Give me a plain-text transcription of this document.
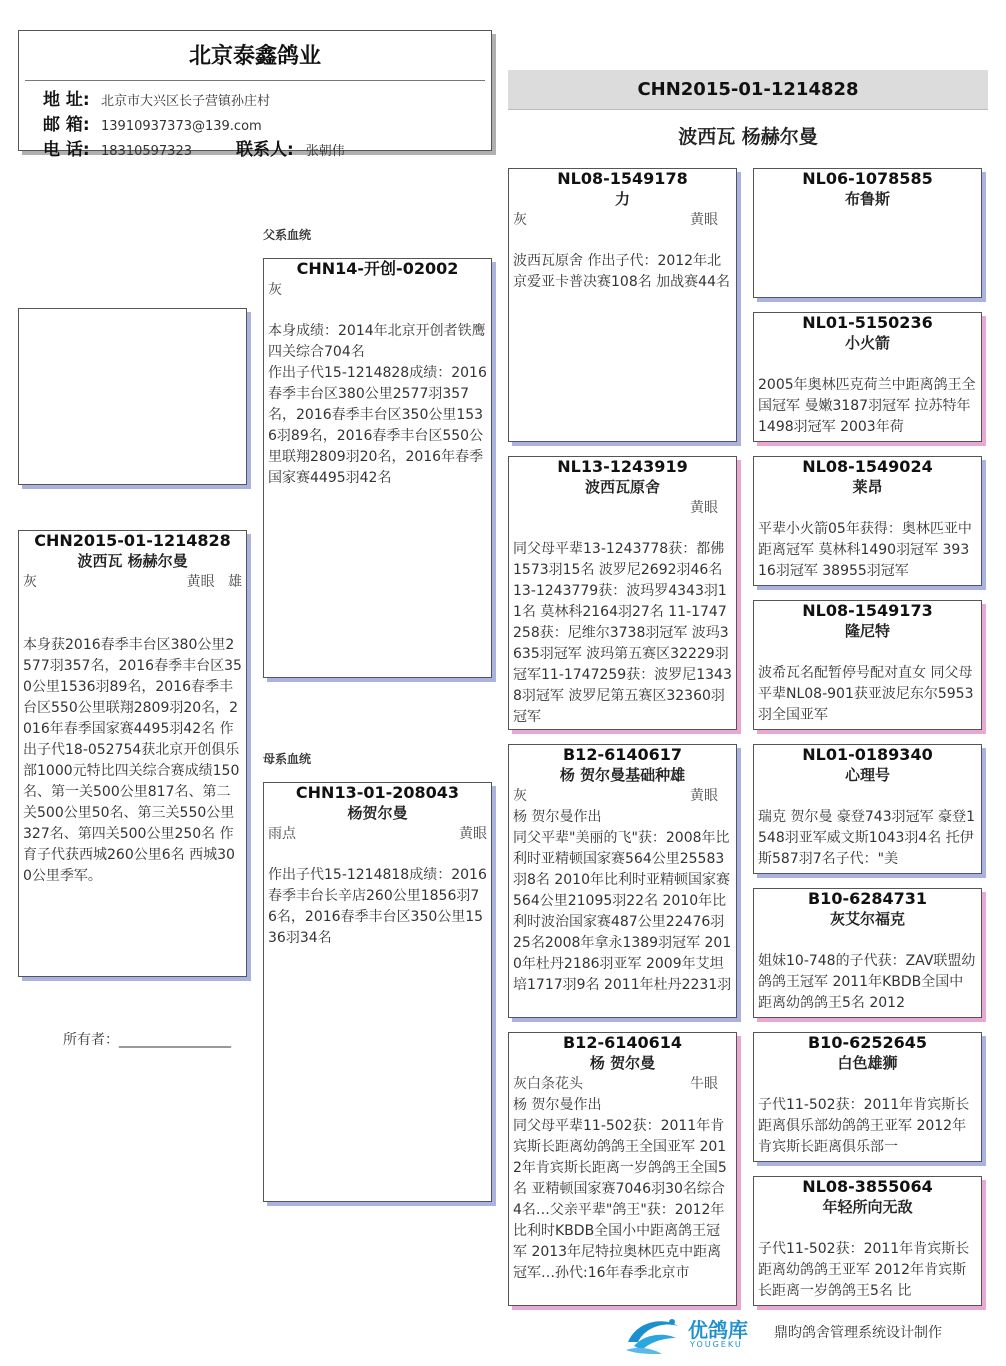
北京泰鑫鸽业
地 址: 北京市大兴区长子营镇孙庄村
邮 箱: 13910937373@139.com
电 话: 18310597323	联系人: 张朝伟
CHN2015-01-1214828
波西瓦 杨赫尔曼
CHN2015-01-1214828
波西瓦 杨赫尔曼
灰	黄眼 雄
本身获2016春季丰台区380公里2577羽357名，2016春季丰台区350公里1536羽89名，2016春季丰台区550公里联翔2809羽20名，2016年春季国家赛4495羽42名 作出子代18-052754获北京开创俱乐部1000元特比四关综合赛成绩150名、第一关500公里817名、第二关500公里50名、第三关550公里327名、第四关500公里250名 作育子代获西城260公里6名 西城300公里季军。
所有者：________________
父系血统
母系血统
CHN14-开创-02002
灰
本身成绩：2014年北京开创者铁鹰四关综合704名
作出子代15-1214828成绩：2016春季丰台区380公里2577羽357名，2016春季丰台区350公里1536羽89名，2016春季丰台区550公里联翔2809羽20名，2016年春季国家赛4495羽42名
CHN13-01-208043
杨贺尔曼
雨点	黄眼
作出子代15-1214818成绩：2016春季丰台长辛店260公里1856羽76名，2016春季丰台区350公里1536羽34名
NL08-1549178
力
灰	黄眼
波西瓦原舍 作出子代：2012年北京爱亚卡普决赛108名 加战赛44名
NL13-1243919
波西瓦原舍
黄眼
同父母平辈13-1243778获：都佛1573羽15名 波罗尼2692羽46名 13-1243779获：波玛罗4343羽11名 莫林科2164羽27名 11-1747258获：尼维尔3738羽冠军 波玛3635羽冠军 波玛第五赛区32229羽冠军11-1747259获：波罗尼13438羽冠军 波罗尼第五赛区32360羽冠军
B12-6140617
杨 贺尔曼基础种雄
灰	黄眼
杨 贺尔曼作出
同父平辈"美丽的飞"获：2008年比利时亚精顿国家赛564公里25583羽8名 2010年比利时亚精顿国家赛564公里21095羽22名 2010年比利时波治国家赛487公里22476羽25名2008年拿永1389羽冠军 2010年杜丹2186羽亚军 2009年艾坦培1717羽9名 2011年杜丹2231羽
B12-6140614
杨 贺尔曼
灰白条花头	牛眼
杨 贺尔曼作出
同父母平辈11-502获：2011年肯宾斯长距离幼鸽鸽王全国亚军 2012年肯宾斯长距离一岁鸽鸽王全国5名 亚精顿国家赛7046羽30名综合4名…父亲平辈"鸽王"获：2012年比利时KBDB全国小中距离鸽王冠军 2013年尼特拉奥林匹克中距离冠军…孙代:16年春季北京市
NL06-1078585
布鲁斯
NL01-5150236
小火箭
2005年奥林匹克荷兰中距离鸽王全国冠军 曼嫩3187羽冠军 拉苏特年1498羽冠军 2003年荷
NL08-1549024
莱昂
平辈小火箭05年获得：奥林匹亚中距离冠军 莫林科1490羽冠军 39316羽冠军 38955羽冠军
NL08-1549173
隆尼特
波希瓦名配暂停号配对直女 同父母平辈NL08-901获亚波尼东尔5953羽全国亚军
NL01-0189340
心理号
瑞克 贺尔曼 豪登743羽冠军 豪登1548羽亚军威文斯1043羽4名 托伊斯587羽7名子代："美
B10-6284731
灰艾尔福克
姐妹10-748的子代获：ZAV联盟幼鸽鸽王冠军 2011年KBDB全国中距离幼鸽鸽王5名 2012
B10-6252645
白色雄狮
子代11-502获：2011年肯宾斯长距离俱乐部幼鸽鸽王亚军 2012年肯宾斯长距离俱乐部一
NL08-3855064
年轻所向无敌
子代11-502获：2011年肯宾斯长距离幼鸽鸽王亚军 2012年肯宾斯长距离一岁鸽鸽王5名 比
优鸽库
YOUGEKU
鼎昀鸽舍管理系统设计制作
